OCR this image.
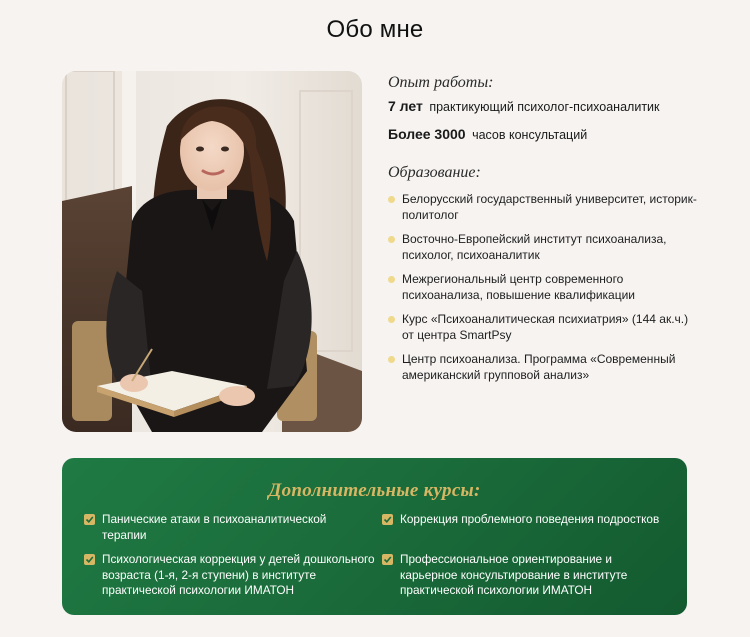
Обо мне
Опыт работы:
7 лет практикующий психолог-психоаналитик
Более 3000 часов консультаций
Образование:
Белорусский государственный университет, историк-политолог
Восточно-Европейский институт психоанализа, психолог, психоаналитик
Межрегиональный центр современного психоанализа, повышение квалификации
Курс «Психоаналитическая психиатрия» (144 ак.ч.) от центра SmartPsy
Центр психоанализа. Программа «Современный американский групповой анализ»
Дополнительные курсы:
Панические атаки в психоаналитической терапии
Коррекция проблемного поведения подростков
Психологическая коррекция у детей дошкольного возраста (1-я, 2-я ступени) в институте практической психологии ИМАТОН
Профессиональное ориентирование и карьерное консультирование в институте практической психологии ИМАТОН
